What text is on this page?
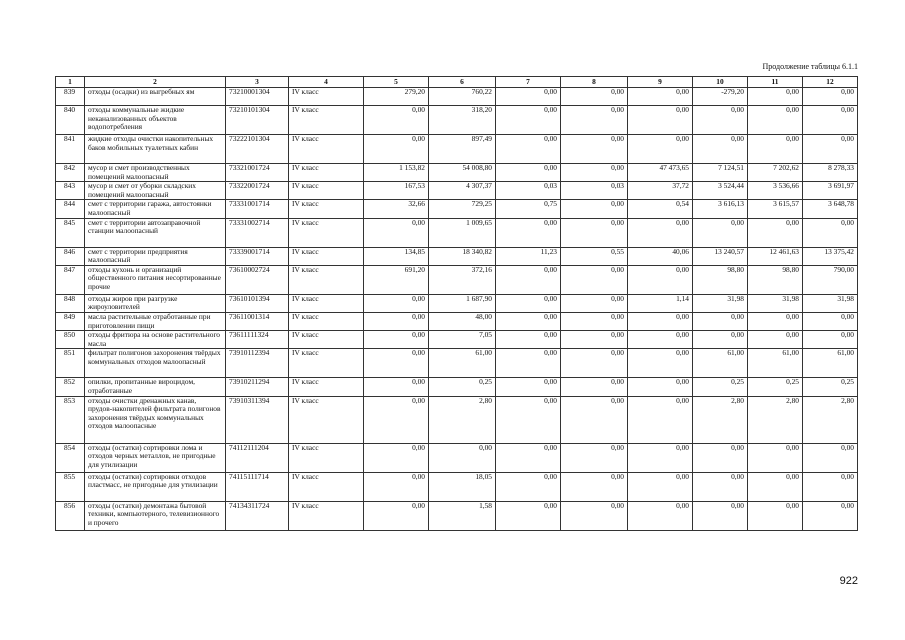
Продолжение таблицы 6.1.1
1	2	3	4	5	6	7	8	9	10	11	12
839	отходы (осадки) из выгребных ям	73210001304	IV класс	279,20	760,22	0,00	0,00	0,00	-279,20	0,00	0,00
840	отходы коммунальные жидкие неканализованных объектов водопотребления	73210101304	IV класс	0,00	318,20	0,00	0,00	0,00	0,00	0,00	0,00
841	жидкие отходы очистки накопительных баков мобильных туалетных кабин	73222101304	IV класс	0,00	897,49	0,00	0,00	0,00	0,00	0,00	0,00
842	мусор и смет производственных помещений малоопасный	73321001724	IV класс	1 153,82	54 008,80	0,00	0,00	47 473,65	7 124,51	7 202,62	8 278,33
843	мусор и смет от уборки складских помещений малоопасный	73322001724	IV класс	167,53	4 307,37	0,03	0,03	37,72	3 524,44	3 536,66	3 691,97
844	смет с территории гаража, автостоянки малоопасный	73331001714	IV класс	32,66	729,25	0,75	0,00	0,54	3 616,13	3 615,57	3 648,78
845	смет с территории автозаправочной станции малоопасный	73331002714	IV класс	0,00	1 009,65	0,00	0,00	0,00	0,00	0,00	0,00
846	смет с территории предприятия малоопасный	73339001714	IV класс	134,85	18 340,82	11,23	0,55	40,06	13 240,57	12 461,63	13 375,42
847	отходы кухонь и организаций общественного питания несортированные прочие	73610002724	IV класс	691,20	372,16	0,00	0,00	0,00	98,80	98,80	790,00
848	отходы жиров при разгрузке жироуловителей	73610101394	IV класс	0,00	1 687,90	0,00	0,00	1,14	31,98	31,98	31,98
849	масла растительные отработанные при приготовлении пищи	73611001314	IV класс	0,00	48,00	0,00	0,00	0,00	0,00	0,00	0,00
850	отходы фритюра на основе растительного масла	73611111324	IV класс	0,00	7,05	0,00	0,00	0,00	0,00	0,00	0,00
851	фильтрат полигонов захоронения твёрдых коммунальных отходов малоопасный	73910112394	IV класс	0,00	61,00	0,00	0,00	0,00	61,00	61,00	61,00
852	опилки, пропитанные вироцидом, отработанные	73910211294	IV класс	0,00	0,25	0,00	0,00	0,00	0,25	0,25	0,25
853	отходы очистки дренажных канав, прудов-накопителей фильтрата полигонов захоронения твёрдых коммунальных отходов малоопасные	73910311394	IV класс	0,00	2,80	0,00	0,00	0,00	2,80	2,80	2,80
854	отходы (остатки) сортировки лома и отходов черных металлов, не пригодные для утилизации	74112111204	IV класс	0,00	0,00	0,00	0,00	0,00	0,00	0,00	0,00
855	отходы (остатки) сортировки отходов пластмасс, не пригодные для утилизации	74115111714	IV класс	0,00	18,05	0,00	0,00	0,00	0,00	0,00	0,00
856	отходы (остатки) демонтажа бытовой техники, компьютерного, телевизионного и прочего	74134311724	IV класс	0,00	1,58	0,00	0,00	0,00	0,00	0,00	0,00
922
